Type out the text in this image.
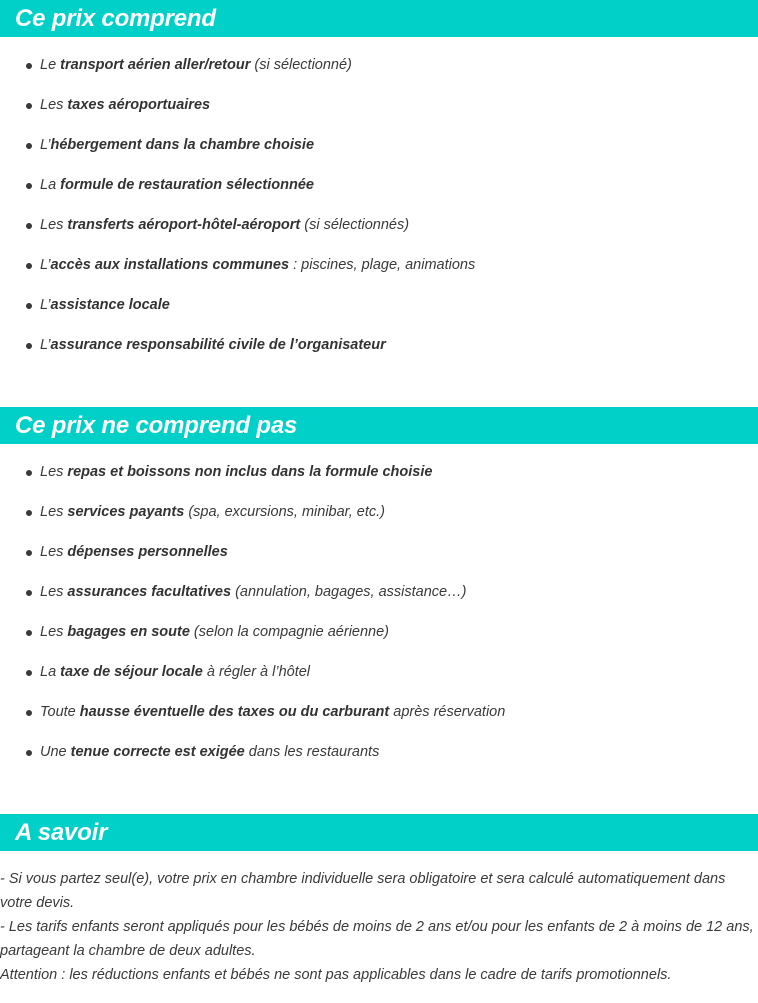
Ce prix comprend
Le transport aérien aller/retour (si sélectionné)
Les taxes aéroportuaires
L’hébergement dans la chambre choisie
La formule de restauration sélectionnée
Les transferts aéroport-hôtel-aéroport (si sélectionnés)
L’accès aux installations communes : piscines, plage, animations
L’assistance locale
L’assurance responsabilité civile de l’organisateur
Ce prix ne comprend pas
Les repas et boissons non inclus dans la formule choisie
Les services payants (spa, excursions, minibar, etc.)
Les dépenses personnelles
Les assurances facultatives (annulation, bagages, assistance…)
Les bagages en soute (selon la compagnie aérienne)
La taxe de séjour locale à régler à l’hôtel
Toute hausse éventuelle des taxes ou du carburant après réservation
Une tenue correcte est exigée dans les restaurants
A savoir

- Si vous partez seul(e), votre prix en chambre individuelle sera obligatoire et sera calculé automatiquement dans votre devis.

- Les tarifs enfants seront appliqués pour les bébés de moins de 2 ans et/ou pour les enfants de 2 à moins de 12 ans, partageant la chambre de deux adultes.

Attention : les réductions enfants et bébés ne sont pas applicables dans le cadre de tarifs promotionnels.
